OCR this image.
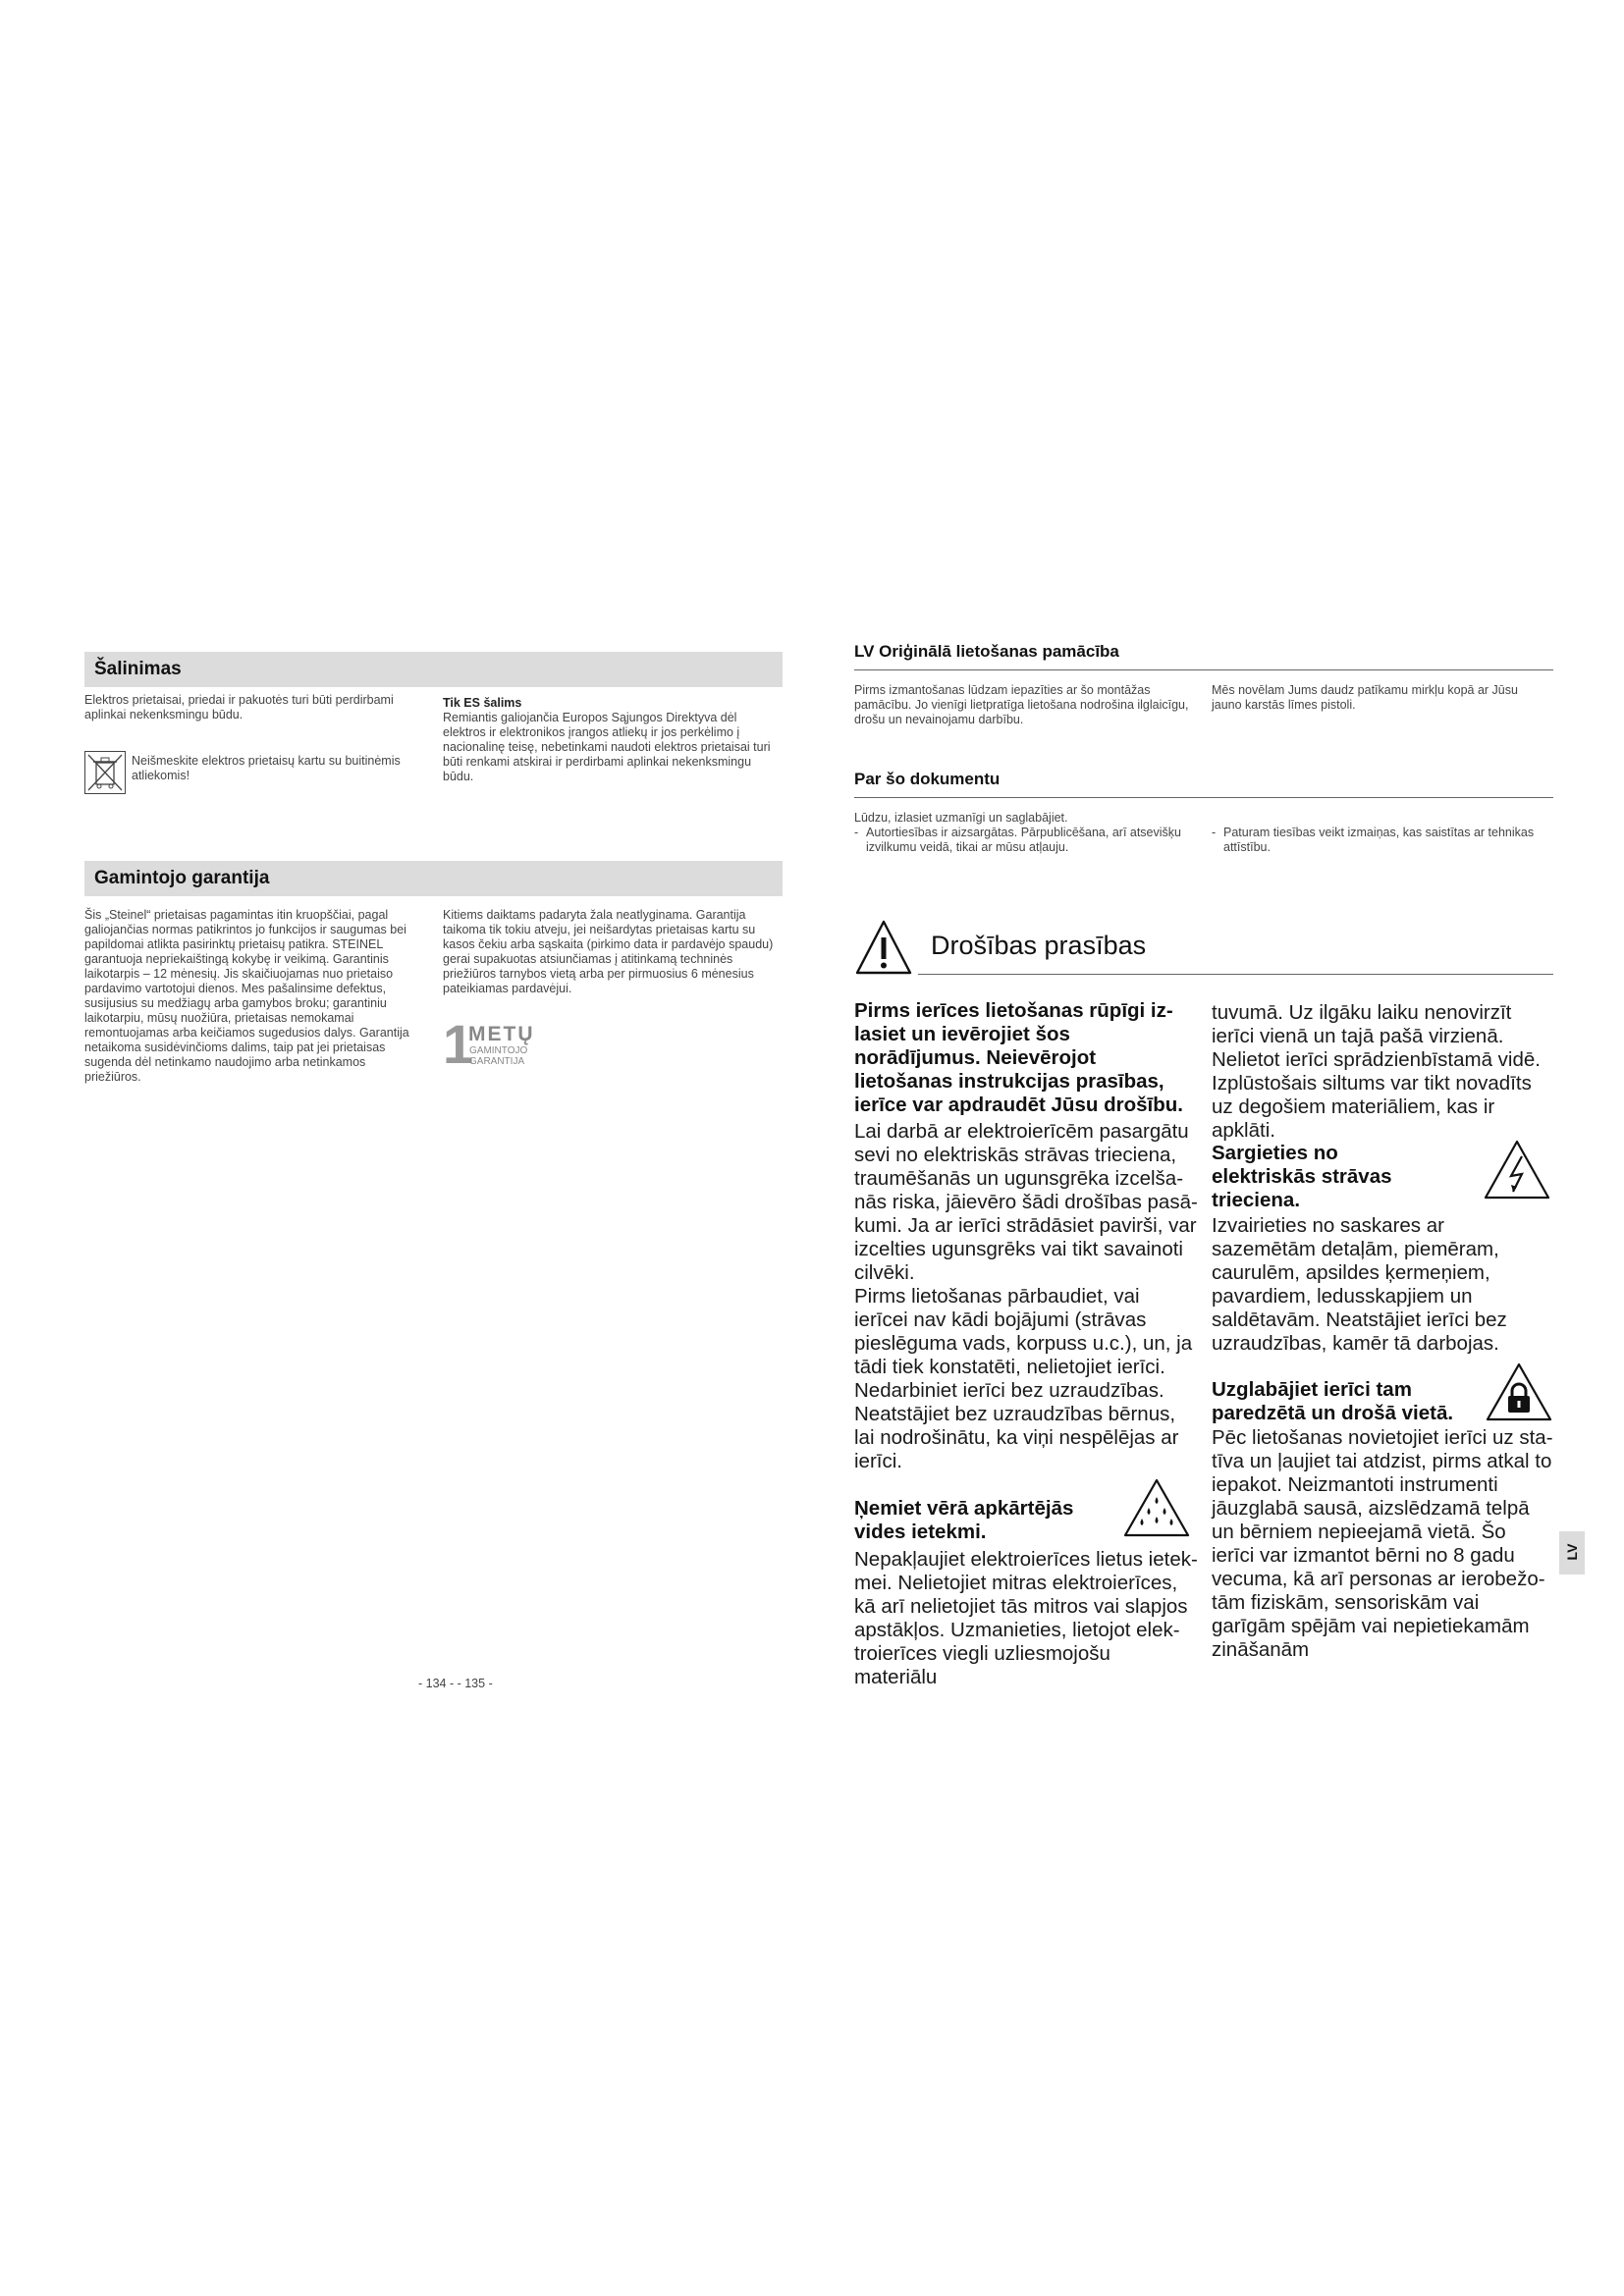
Šalinimas

Elektros prietaisai, priedai ir pakuotės turi būti perdirbami aplinkai nekenksmingu būdu.

Neišmeskite elektros prietaisų kartu su buitinėmis atliekomis!

Tik ES šalims

Remiantis galiojančia Europos Sąjungos Direktyva dėl elektros ir elektronikos įrangos atliekų ir jos perkėlimo į nacionalinę teisę, nebetinkami naudoti elektros prietaisai turi būti renkami atskirai ir perdirbami aplinkai nekenksmingu būdu.

Gamintojo garantija

Šis „Steinel“ prietaisas pagamintas itin kruopščiai, pagal galiojančias normas patikrintos jo funkcijos ir saugumas bei papildomai atlikta pasirinktų prietaisų patikra. STEINEL garantuoja nepriekaištingą kokybę ir veikimą. Garantinis laikotarpis – 12 mėnesių. Jis skaičiuojamas nuo prietaiso pardavimo vartotojui dienos. Mes pašalinsime defektus, susijusius su medžiagų arba gamybos broku; garantiniu laikotarpiu, mūsų nuožiūra, prietaisas nemokamai remontuojamas arba keičiamos sugedusios dalys. Garantija netaikoma susidėvinčioms dalims, taip pat jei prietaisas sugenda dėl netinkamo naudojimo arba netinkamos priežiūros.

Kitiems daiktams padaryta žala neatlyginama. Garantija taikoma tik tokiu atveju, jei neišardytas prietaisas kartu su kasos čekiu arba sąskaita (pirkimo data ir pardavėjo spaudu) gerai supakuotas atsiunčiamas į atitinkamą techninės priežiūros tarnybos vietą arba per pirmuosius 6 mėnesius pateikiamas pardavėjui.

1
METŲ
GAMINTOJO
GARANTIJA
- 134 - - 135 -
LV Oriģinālā lietošanas pamācība

Pirms izmantošanas lūdzam iepazīties ar šo montāžas pamācību. Jo vienīgi lietpratīga lietošana nodrošina ilglaicīgu, drošu un nevainojamu darbību.

Mēs novēlam Jums daudz patīkamu mirkļu kopā ar Jūsu jauno karstās līmes pistoli.

Par šo dokumentu

Lūdzu, izlasiet uzmanīgi un saglabājiet.

- Autortiesības ir aizsargātas. Pārpublicēšana, arī atsevišķu izvilkumu veidā, tikai ar mūsu atļauju.
- Paturam tiesības veikt izmaiņas, kas saistītas ar tehnikas attīstību.
Drošības prasības

Pirms ierīces lietošanas rūpīgi izlasiet un ievērojiet šos norādījumus. Neievērojot lietošanas instrukcijas prasības, ierīce var apdraudēt Jūsu drošību.

Lai darbā ar elektroierīcēm pasargātu sevi no elektriskās strāvas trieciena, traumēšanās un ugunsgrēka izcelšanās riska, jāievēro šādi drošības pasākumi. Ja ar ierīci strādāsiet pavirši, var izcelties ugunsgrēks vai tikt savainoti cilvēki.

Pirms lietošanas pārbaudiet, vai ierīcei nav kādi bojājumi (strāvas pieslēguma vads, korpuss u.c.), un, ja tādi tiek konstatēti, nelietojiet ierīci.

Nedarbiniet ierīci bez uzraudzības. Neatstājiet bez uzraudzības bērnus, lai nodrošinātu, ka viņi nespēlējas ar ierīci.

Ņemiet vērā apkārtējās vides ietekmi.

Nepakļaujiet elektroierīces lietus ietekmei. Nelietojiet mitras elektroierīces, kā arī nelietojiet tās mitros vai slapjos apstākļos. Uzmanieties, lietojot elektroierīces viegli uzliesmojošu materiālu

tuvumā. Uz ilgāku laiku nenovirzīt ierīci vienā un tajā pašā virzienā. Nelietot ierīci sprādzienbīstamā vidē. Izplūstošais siltums var tikt novadīts uz degošiem materiāliem, kas ir apklāti.

Sargieties no elektriskās strāvas trieciena.

Izvairieties no saskares ar sazemētām detaļām, piemēram, caurulēm, apsildes ķermeņiem, pavardiem, ledusskapjiem un saldētavām. Neatstājiet ierīci bez uzraudzības, kamēr tā darbojas.

Uzglabājiet ierīci tam paredzētā un drošā vietā.

Pēc lietošanas novietojiet ierīci uz statīva un ļaujiet tai atdzist, pirms atkal to iepakot. Neizmantoti instrumenti jāuzglabā sausā, aizslēdzamā telpā un bērniem nepieejamā vietā. Šo ierīci var izmantot bērni no 8 gadu vecuma, kā arī personas ar ierobežotām fiziskām, sensoriskām vai garīgām spējām vai nepietiekamām zināšanām

LV
